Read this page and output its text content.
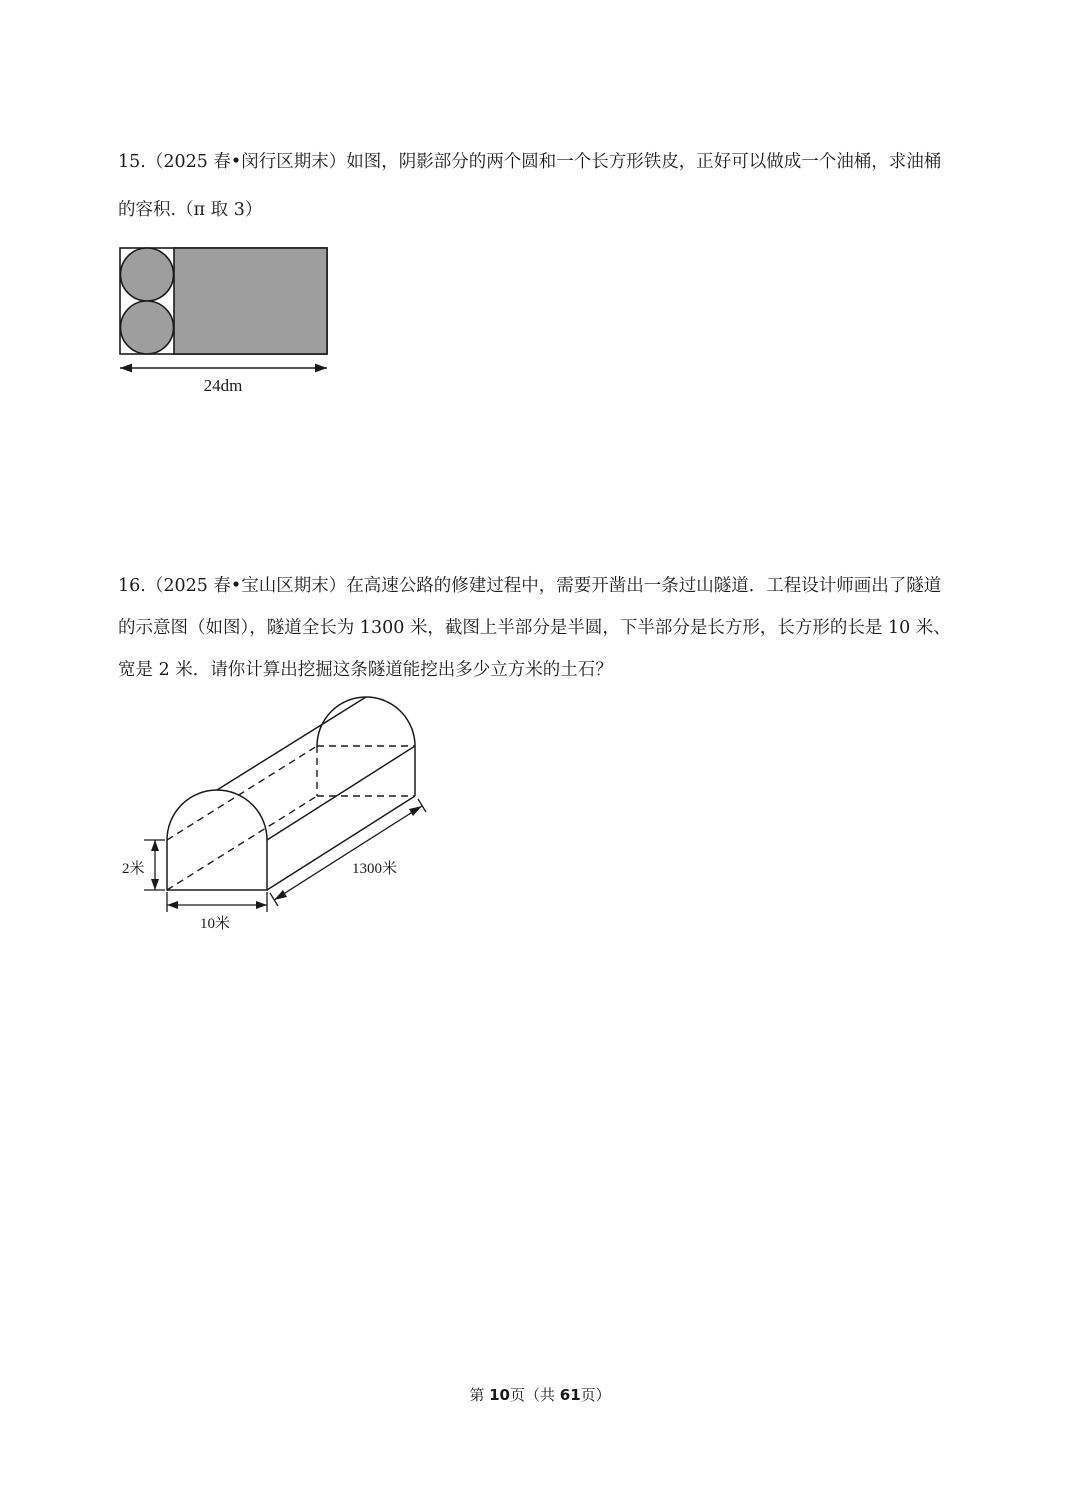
15.（2025 春•闵行区期末）如图，阴影部分的两个圆和一个长方形铁皮，正好可以做成一个油桶，求油桶

的容积.（π 取 3）

24dm

16.（2025 春•宝山区期末）在高速公路的修建过程中，需要开凿出一条过山隧道．工程设计师画出了隧道

的示意图（如图），隧道全长为 1300 米，截图上半部分是半圆，下半部分是长方形，长方形的长是 10 米、

宽是 2 米．请你计算出挖掘这条隧道能挖出多少立方米的土石？

2米
10米
1300米
第 10页（共 61页）
